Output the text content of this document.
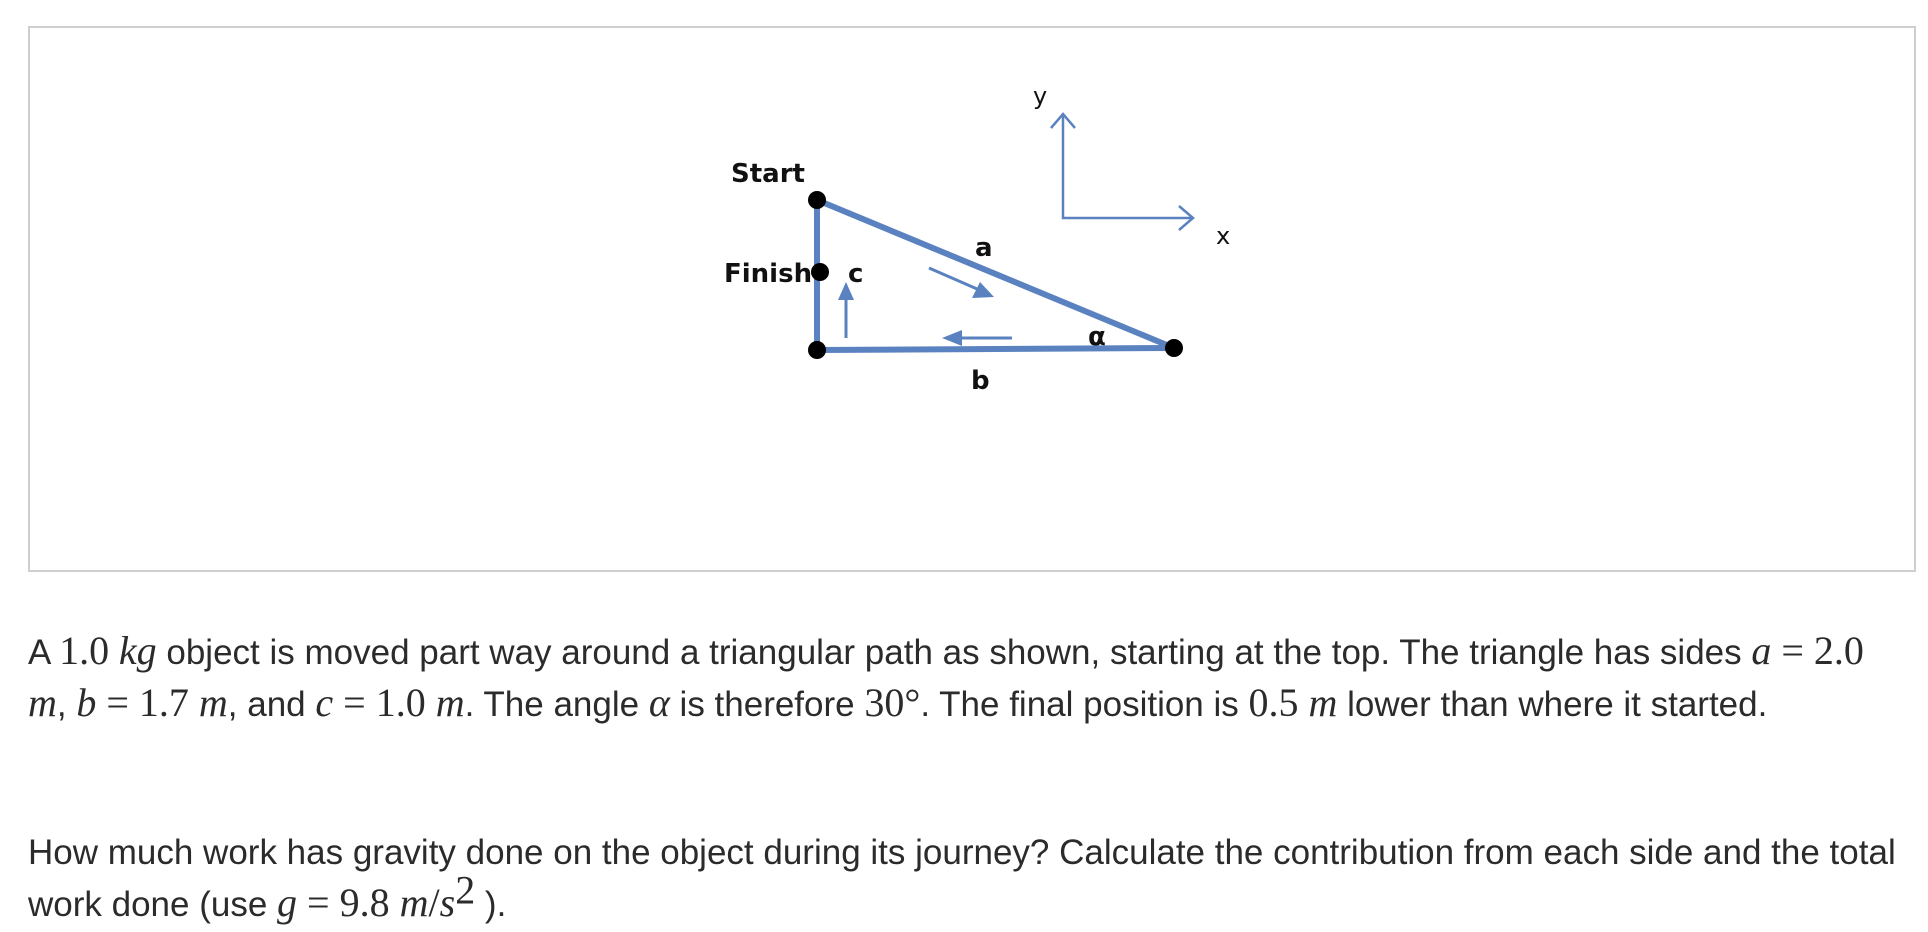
Start
Finish
a
b
c
α
x
y

A 1.0 kg object is moved part way around a triangular path as shown, starting at the top. The triangle has sides a = 2.0 m, b = 1.7 m, and c = 1.0 m. The angle α is therefore 30°. The final position is 0.5 m lower than where it started.

How much work has gravity done on the object during its journey? Calculate the contribution from each side and the total work done (use g = 9.8 $m/s^2$ ).
